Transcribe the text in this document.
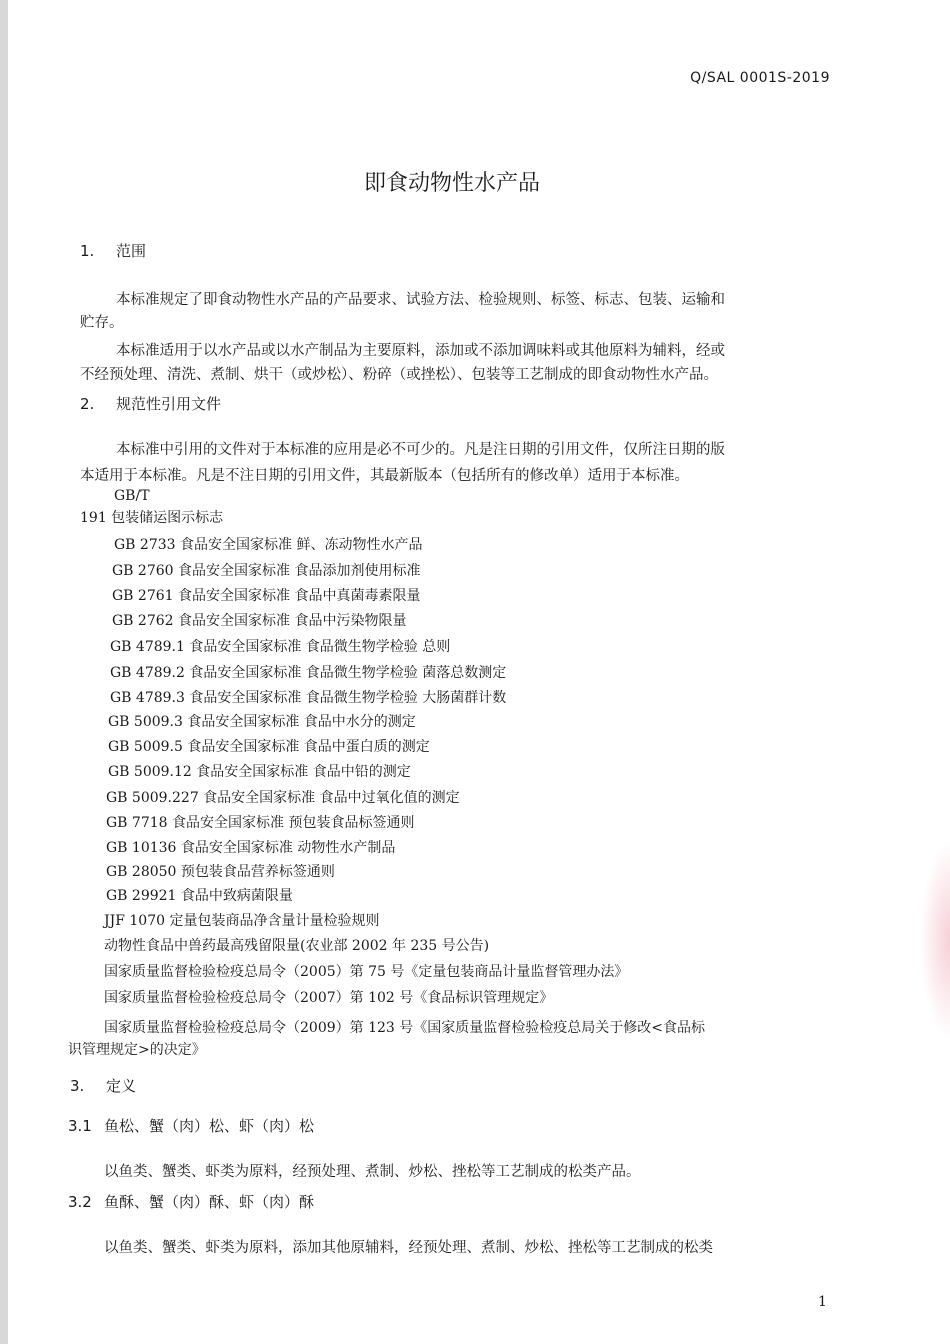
Q/SAL 0001S-2019
即食动物性水产品
1. 范围
本标准规定了即食动物性水产品的产品要求、试验方法、检验规则、标签、标志、包装、运输和
贮存。
本标准适用于以水产品或以水产制品为主要原料，添加或不添加调味料或其他原料为辅料，经或
不经预处理、清洗、煮制、烘干（或炒松）、粉碎（或挫松）、包装等工艺制成的即食动物性水产品。
2. 规范性引用文件
本标准中引用的文件对于本标准的应用是必不可少的。凡是注日期的引用文件，仅所注日期的版
本适用于本标准。凡是不注日期的引用文件，其最新版本（包括所有的修改单）适用于本标准。
GB/T
191 包装储运图示标志
GB 2733 食品安全国家标准 鲜、冻动物性水产品
GB 2760 食品安全国家标准 食品添加剂使用标准
GB 2761 食品安全国家标准 食品中真菌毒素限量
GB 2762 食品安全国家标准 食品中污染物限量
GB 4789.1 食品安全国家标准 食品微生物学检验 总则
GB 4789.2 食品安全国家标准 食品微生物学检验 菌落总数测定
GB 4789.3 食品安全国家标准 食品微生物学检验 大肠菌群计数
GB 5009.3 食品安全国家标准 食品中水分的测定
GB 5009.5 食品安全国家标准 食品中蛋白质的测定
GB 5009.12 食品安全国家标准 食品中铅的测定
GB 5009.227 食品安全国家标准 食品中过氧化值的测定
GB 7718 食品安全国家标准 预包装食品标签通则
GB 10136 食品安全国家标准 动物性水产制品
GB 28050 预包装食品营养标签通则
GB 29921 食品中致病菌限量
JJF 1070 定量包装商品净含量计量检验规则
动物性食品中兽药最高残留限量(农业部 2002 年 235 号公告)
国家质量监督检验检疫总局令（2005）第 75 号《定量包装商品计量监督管理办法》
国家质量监督检验检疫总局令（2007）第 102 号《食品标识管理规定》
国家质量监督检验检疫总局令（2009）第 123 号《国家质量监督检验检疫总局关于修改<食品标
识管理规定>的决定》
3. 定义
3.1 鱼松、蟹（肉）松、虾（肉）松
以鱼类、蟹类、虾类为原料，经预处理、煮制、炒松、挫松等工艺制成的松类产品。
3.2 鱼酥、蟹（肉）酥、虾（肉）酥
以鱼类、蟹类、虾类为原料，添加其他原辅料，经预处理、煮制、炒松、挫松等工艺制成的松类
1
